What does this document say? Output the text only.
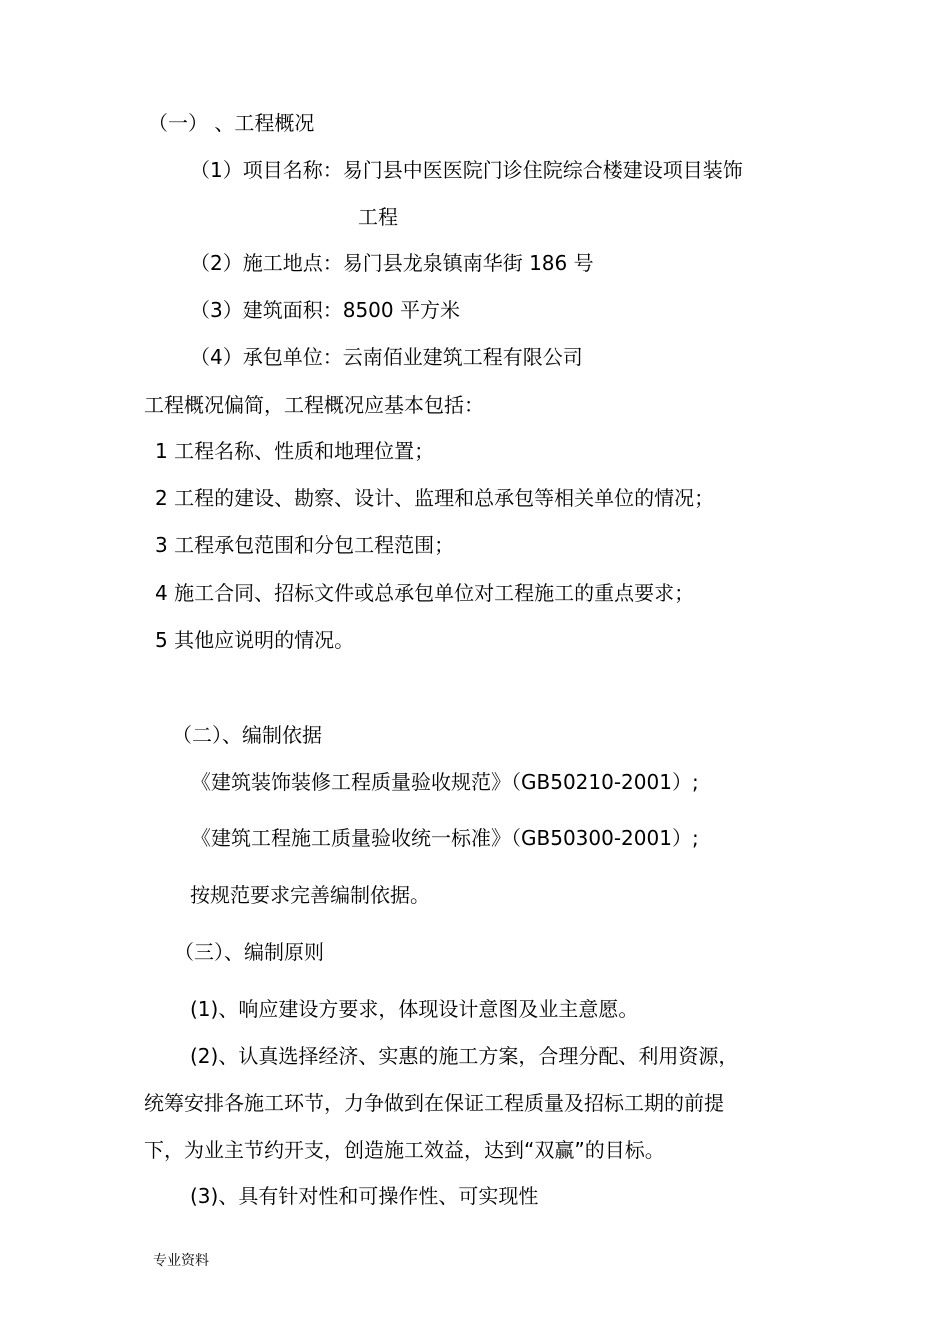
（一） 、工程概况
（1）项目名称：易门县中医医院门诊住院综合楼建设项目装饰
工程
（2）施工地点：易门县龙泉镇南华街 186 号
（3）建筑面积：8500 平方米
（4）承包单位：云南佰业建筑工程有限公司
工程概况偏简，工程概况应基本包括：
1 工程名称、性质和地理位置；
2 工程的建设、勘察、设计、监理和总承包等相关单位的情况；
3 工程承包范围和分包工程范围；
4 施工合同、招标文件或总承包单位对工程施工的重点要求；
5 其他应说明的情况。
（二）、编制依据
《建筑装饰装修工程质量验收规范》（GB50210-2001）;
《建筑工程施工质量验收统一标准》（GB50300-2001）;
按规范要求完善编制依据。
（三）、编制原则
(1)、响应建设方要求，体现设计意图及业主意愿。
(2)、认真选择经济、实惠的施工方案，合理分配、利用资源，
统筹安排各施工环节，力争做到在保证工程质量及招标工期的前提
下，为业主节约开支，创造施工效益，达到“双赢”的目标。
(3)、具有针对性和可操作性、可实现性
专业资料
